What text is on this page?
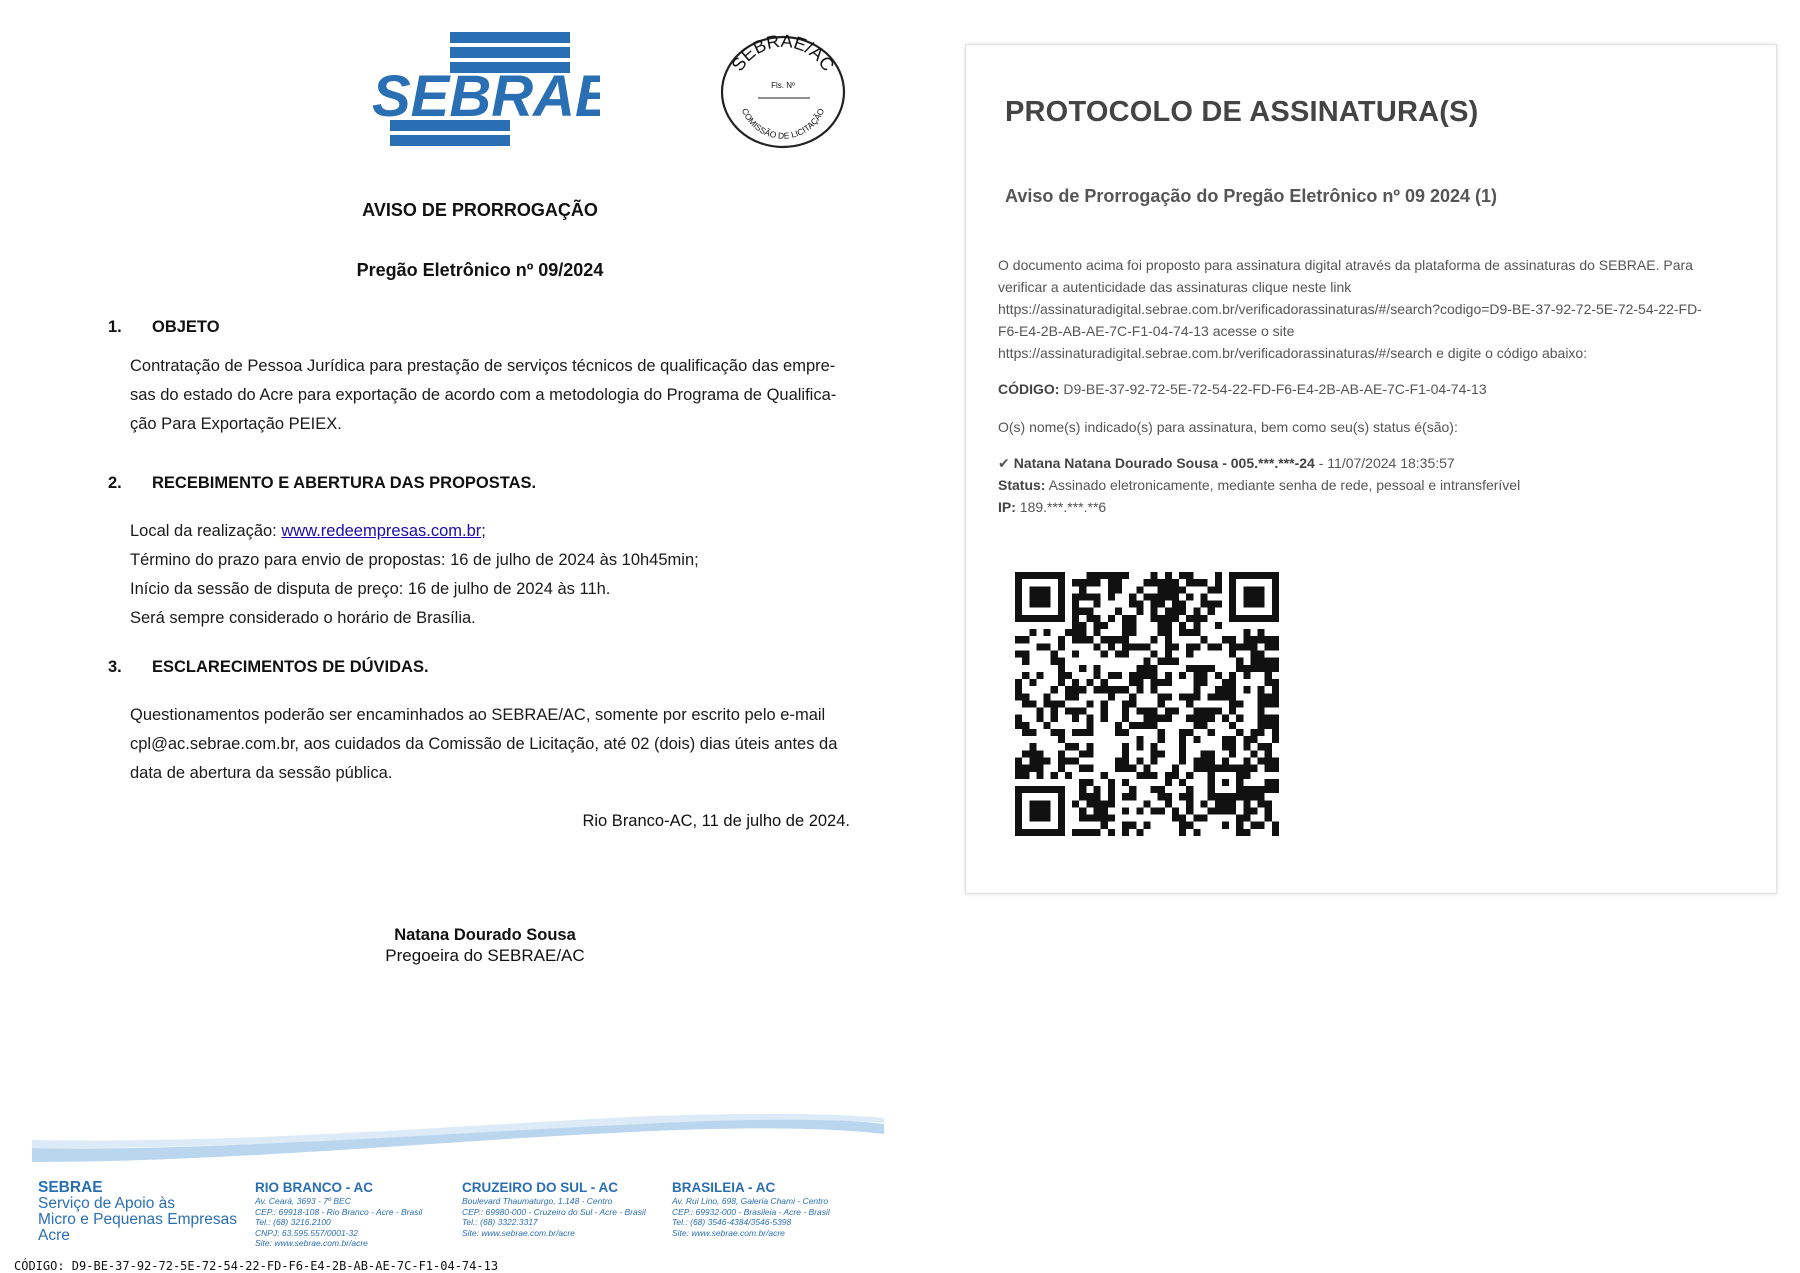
SEBRAE	SEBRAE/AC
Fls. Nº
COMISSÃO DE LICITAÇÃO
AVISO DE PRORROGAÇÃO
Pregão Eletrônico nº 09/2024
1. OBJETO
Contratação de Pessoa Jurídica para prestação de serviços técnicos de qualificação das empre-
sas do estado do Acre para exportação de acordo com a metodologia do Programa de Qualifica-
ção Para Exportação PEIEX.
2. RECEBIMENTO E ABERTURA DAS PROPOSTAS.
Local da realização: www.redeempresas.com.br;
Término do prazo para envio de propostas: 16 de julho de 2024 às 10h45min;
Início da sessão de disputa de preço: 16 de julho de 2024 às 11h.
Será sempre considerado o horário de Brasília.
3. ESCLARECIMENTOS DE DÚVIDAS.
Questionamentos poderão ser encaminhados ao SEBRAE/AC, somente por escrito pelo e-mail
cpl@ac.sebrae.com.br, aos cuidados da Comissão de Licitação, até 02 (dois) dias úteis antes da
data de abertura da sessão pública.
Rio Branco-AC, 11 de julho de 2024.
Natana Dourado Sousa
Pregoeira do SEBRAE/AC
SEBRAE
Serviço de Apoio às
Micro e Pequenas Empresas
Acre
RIO BRANCO - AC
Av. Ceará, 3693 - 7º BEC
CEP.: 69918-108 - Rio Branco - Acre - Brasil
Tel.: (68) 3216.2100
CNPJ: 63.595.557/0001-32
Site: www.sebrae.com.br/acre
CRUZEIRO DO SUL - AC
Boulevard Thaumaturgo, 1.148 - Centro
CEP.: 69980-000 - Cruzeiro do Sul - Acre - Brasil
Tel.: (68) 3322.3317
Site: www.sebrae.com.br/acre
BRASILEIA - AC
Av. Rui Lino, 698, Galeria Chami - Centro
CEP.: 69932-000 - Brasileia - Acre - Brasil
Tel.: (68) 3546-4384/3546-5398
Site: www.sebrae.com.br/acre
CÓDIGO: D9-BE-37-92-72-5E-72-54-22-FD-F6-E4-2B-AB-AE-7C-F1-04-74-13
PROTOCOLO DE ASSINATURA(S)
Aviso de Prorrogação do Pregão Eletrônico nº 09 2024 (1)
O documento acima foi proposto para assinatura digital através da plataforma de assinaturas do SEBRAE. Para
verificar a autenticidade das assinaturas clique neste link
https://assinaturadigital.sebrae.com.br/verificadorassinaturas/#/search?codigo=D9-BE-37-92-72-5E-72-54-22-FD-
F6-E4-2B-AB-AE-7C-F1-04-74-13 acesse o site
https://assinaturadigital.sebrae.com.br/verificadorassinaturas/#/search e digite o código abaixo:
CÓDIGO: D9-BE-37-92-72-5E-72-54-22-FD-F6-E4-2B-AB-AE-7C-F1-04-74-13
O(s) nome(s) indicado(s) para assinatura, bem como seu(s) status é(são):
✔ Natana Natana Dourado Sousa - 005.***.***-24 - 11/07/2024 18:35:57
Status: Assinado eletronicamente, mediante senha de rede, pessoal e intransferível
IP: 189.***.***.**6
